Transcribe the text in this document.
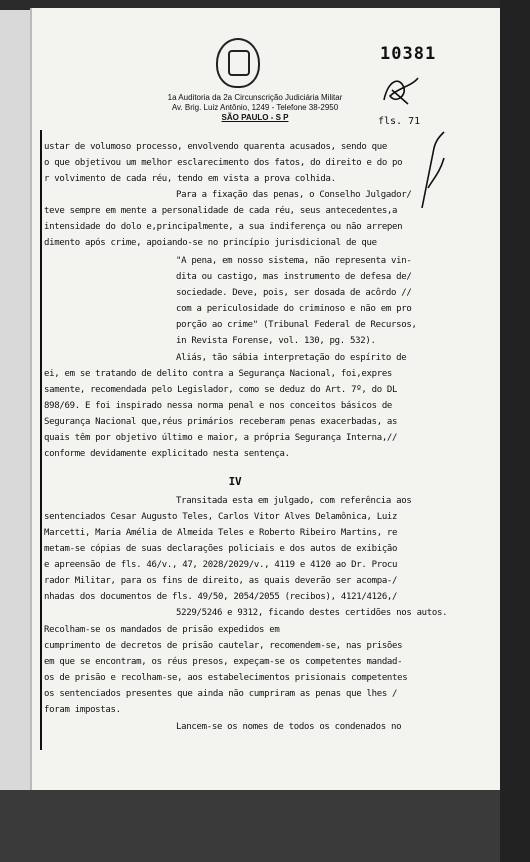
1a Auditoria da 2a Circunscrição Judiciária Militar
Av. Brig. Luiz Antônio, 1249 - Telefone 38-2950
SÃO PAULO - S P
10381
fls. 71
ustar de volumoso processo, envolvendo quarenta acusados, sendo que
o que objetivou um melhor esclarecimento dos fatos, do direito e do po
r volvimento de cada réu, tendo em vista a prova colhida.
Para a fixação das penas, o Conselho Julgador/
teve sempre em mente a personalidade de cada réu, seus antecedentes,a
intensidade do dolo e,principalmente, a sua indiferença ou não arrepen
dimento após crime, apoiando-se no princípio jurisdicional de que
"A pena, em nosso sistema, não representa vin-
dita ou castigo, mas instrumento de defesa de/
sociedade. Deve, pois, ser dosada de acôrdo //
com a periculosidade do criminoso e não em pro
porção ao crime" (Tribunal Federal de Recursos,
in Revista Forense, vol. 130, pg. 532).
Aliás, tão sábia interpretação do espírito de
ei, em se tratando de delito contra a Segurança Nacional, foi,expres
samente, recomendada pelo Legislador, como se deduz do Art. 7º, do DL
898/69. E foi inspirado nessa norma penal e nos conceitos básicos de
Segurança Nacional que,réus primários receberam penas exacerbadas, as
quais têm por objetivo último e maior, a própria Segurança Interna,//
conforme devidamente explicitado nesta sentença.
IV
Transitada esta em julgado, com referência aos
sentenciados Cesar Augusto Teles, Carlos Vitor Alves Delamônica, Luiz
Marcetti, Maria Amélia de Almeida Teles e Roberto Ribeiro Martins, re
metam-se cópias de suas declarações policiais e dos autos de exibição
e apreensão de fls. 46/v., 47, 2028/2029/v., 4119 e 4120 ao Dr. Procu
rador Militar, para os fins de direito, as quais deverão ser acompa-/
nhadas dos documentos de fls. 49/50, 2054/2055 (recibos), 4121/4126,/
5229/5246 e 9312, ficando destes certidões nos autos.
Recolham-se os mandados de prisão expedidos em
cumprimento de decretos de prisão cautelar, recomendem-se, nas prisões
em que se encontram, os réus presos, expeçam-se os competentes mandad-
os de prisão e recolham-se, aos estabelecimentos prisionais competentes
os sentenciados presentes que ainda não cumpriram as penas que lhes /
foram impostas.
Lancem-se os nomes de todos os condenados no
